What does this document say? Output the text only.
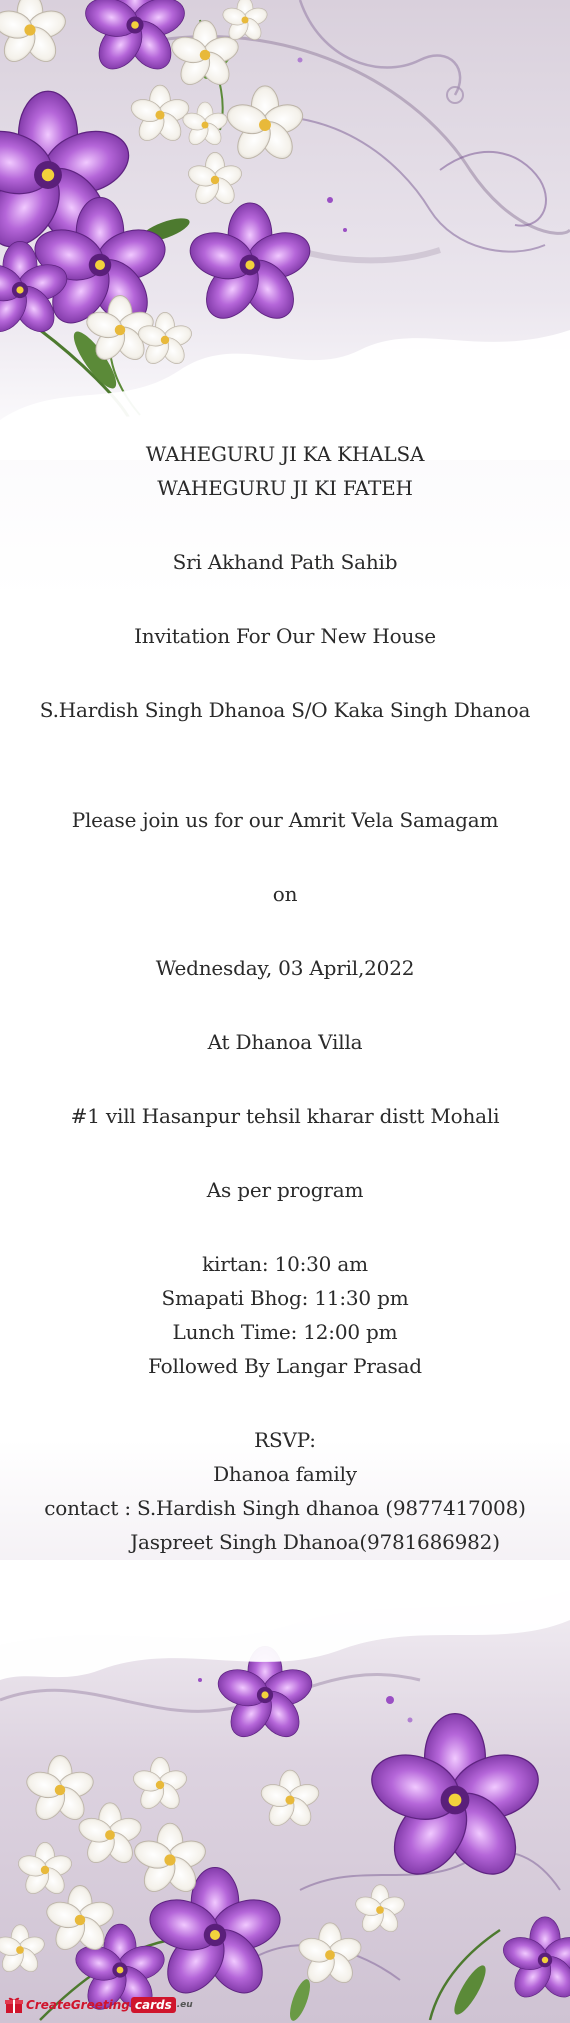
WAHEGURU JI KA KHALSA
WAHEGURU JI KI FATEH
Sri Akhand Path Sahib
Invitation For Our New House
S.Hardish Singh Dhanoa S/O Kaka Singh Dhanoa
Please join us for our Amrit Vela Samagam
on
Wednesday, 03 April,2022
At Dhanoa Villa
#1 vill Hasanpur tehsil kharar distt Mohali
As per program
kirtan: 10:30 am
Smapati Bhog: 11:30 pm
Lunch Time: 12:00 pm
Followed By Langar Prasad
RSVP:
Dhanoa family
contact : S.Hardish Singh dhanoa (9877417008)
Jaspreet Singh Dhanoa(9781686982)
CreateGreeting cards .eu
